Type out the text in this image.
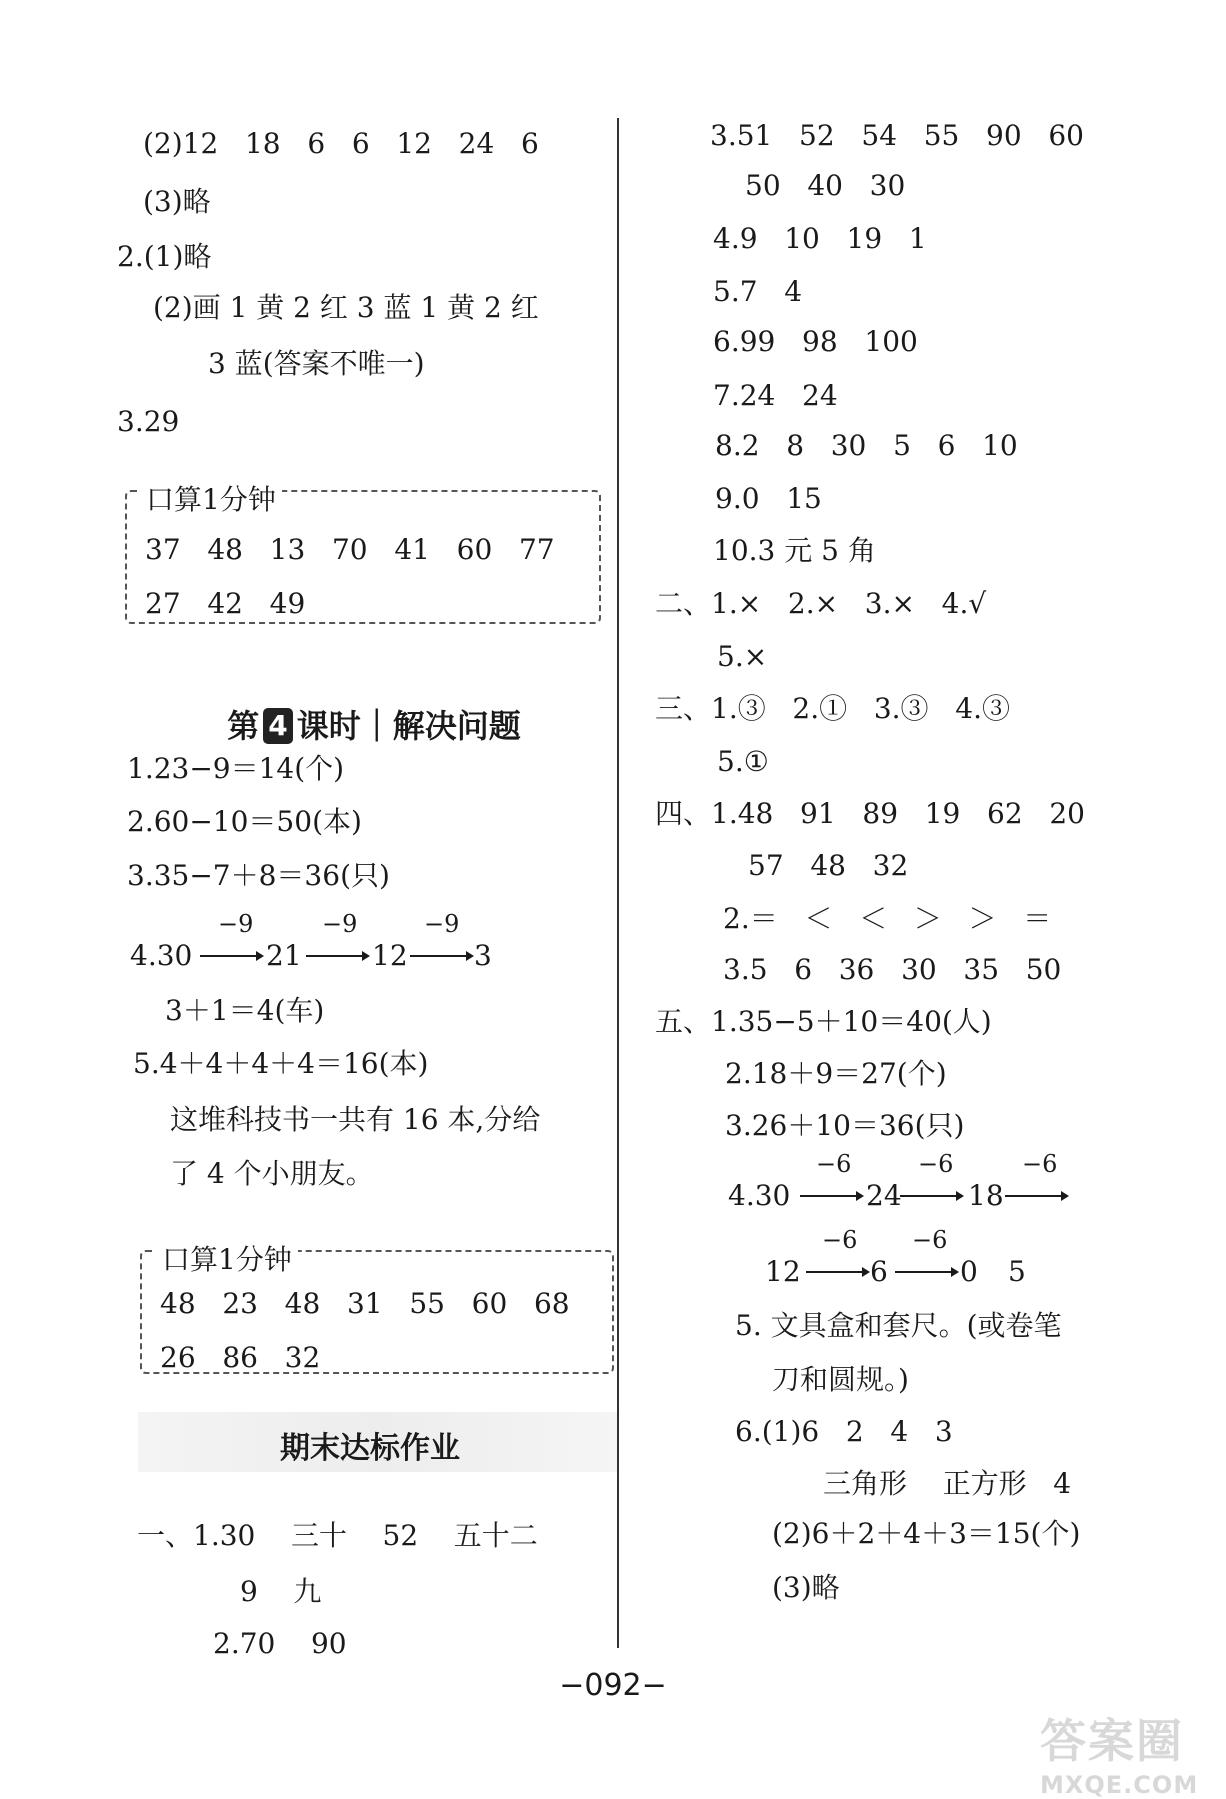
(2)12   18   6   6   12   24   6
(3)略
2.(1)略
(2)画 1 黄 2 红 3 蓝 1 黄 2 红
3 蓝(答案不唯一)
3.29
口算1分钟
37   48   13   70   41   60   77
27   42   49

第 4 课时｜解决问题

1.23−9＝14(个)
2.60−10＝50(本)
3.35−7＋8＝36(只)
4.30
−9
21
−9
12
−9
3
3＋1＝4(车)
5.4＋4＋4＋4＝16(本)
这堆科技书一共有 16 本,分给
了 4 个小朋友。
口算1分钟
48   23   48   31   55   60   68
26   86   32
期末达标作业
一、1.30    三十    52    五十二
9    九
2.70    90
3.51   52   54   55   90   60
50   40   30
4.9   10   19   1
5.7   4
6.99   98   100
7.24   24
8.2   8   30   5   6   10
9.0   15
10.3 元 5 角
二、1.×   2.×   3.×   4.√
5.×
三、1.③   2.①   3.③   4.③
5.①
四、1.48   91   89   19   62   20
57   48   32
2.＝   ＜   ＜   ＞   ＞   ＝
3.5   6   36   30   35   50
五、1.35−5＋10＝40(人)
2.18＋9＝27(个)
3.26＋10＝36(只)
4.30
−6
24
−6
18
−6
12
−6
6
−6
0 5
5. 文具盒和套尺。(或卷笔
刀和圆规。)
6.(1)6   2   4   3
三角形    正方形   4
(2)6＋2＋4＋3＝15(个)
(3)略
−092−
答案圈
MXQE.COM
